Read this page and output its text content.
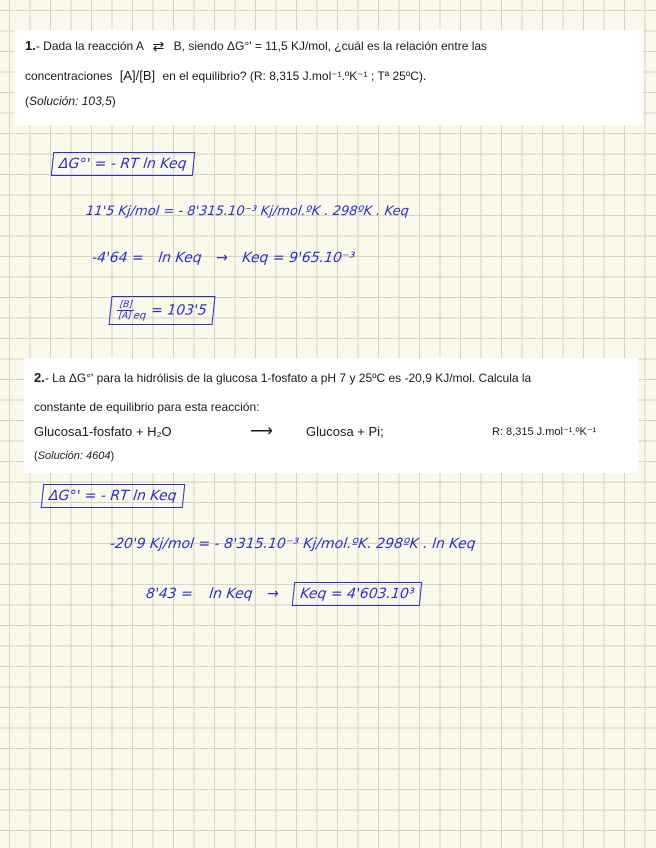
1.- Dada la reacción A ⇄ B, siendo ΔG°' = 11,5 KJ/mol, ¿cuál es la relación entre las
concentraciones [A]/[B] en el equilibrio? (R: 8,315 J.mol⁻¹.ºK⁻¹ ; Tª 25ºC).
(Solución: 103,5)
ΔG°' = - RT ln Keq
11'5 Kj/mol = - 8'315.10⁻³ Kj/mol.ºK . 298ºK . Keq
-4'64 = ln Keq → Keq = 9'65.10⁻³
$\frac{[B]}{[A]}$
$_{eq}$ = 103'5
2.- La ΔG°' para la hidrólisis de la glucosa 1-fosfato a pH 7 y 25ºC es -20,9 KJ/mol. Calcula la
constante de equilibrio para esta reacción:
Glucosa1-fosfato + H₂O	⟶	Glucosa + Pi;	R: 8,315 J.mol⁻¹.ºK⁻¹
(Solución: 4604)
ΔG°' = - RT ln Keq
-20'9 Kj/mol = - 8'315.10⁻³ Kj/mol.ºK. 298ºK . ln Keq
8'43 = ln Keq → Keq = 4'603.10³
